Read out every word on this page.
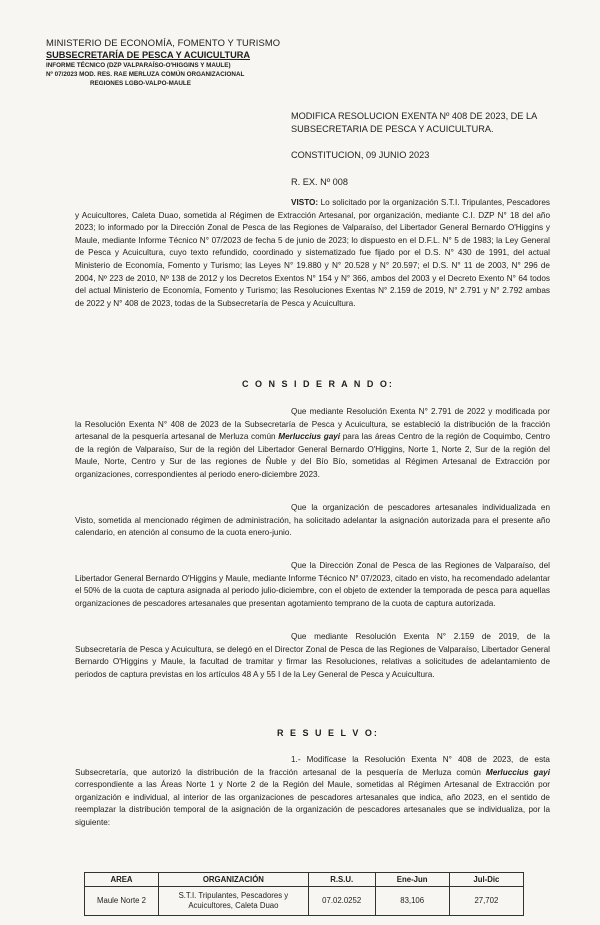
MINISTERIO DE ECONOMÍA, FOMENTO Y TURISMO
SUBSECRETARÍA DE PESCA Y ACUICULTURA
INFORME TÉCNICO (DZP VALPARAÍSO-O'HIGGINS Y MAULE)
Nº 07/2023 MOD. RES. RAE MERLUZA COMÚN ORGANIZACIONAL
REGIONES LGBO-VALPO-MAULE
MODIFICA RESOLUCION EXENTA Nº 408 DE 2023, DE LA SUBSECRETARIA DE PESCA Y ACUICULTURA.
CONSTITUCION, 09 JUNIO 2023
R. EX. Nº 008

VISTO: Lo solicitado por la organización S.T.I. Tripulantes, Pescadores y Acuicultores, Caleta Duao, sometida al Régimen de Extracción Artesanal, por organización, mediante C.I. DZP N° 18 del año 2023; lo informado por la Dirección Zonal de Pesca de las Regiones de Valparaíso, del Libertador General Bernardo O'Higgins y Maule, mediante Informe Técnico N° 07/2023 de fecha 5 de junio de 2023; lo dispuesto en el D.F.L. N° 5 de 1983; la Ley General de Pesca y Acuicultura, cuyo texto refundido, coordinado y sistematizado fue fijado por el D.S. N° 430 de 1991, del actual Ministerio de Economía, Fomento y Turismo; las Leyes N° 19.880 y N° 20.528 y N° 20.597; el D.S. N° 11 de 2003, N° 296 de 2004, Nº 223 de 2010, Nº 138 de 2012 y los Decretos Exentos N° 154 y N° 366, ambos del 2003 y el Decreto Exento N° 64 todos del actual Ministerio de Economía, Fomento y Turismo; las Resoluciones Exentas N° 2.159 de 2019, N° 2.791 y N° 2.792 ambas de 2022 y N° 408 de 2023, todas de la Subsecretaría de Pesca y Acuicultura.

C O N S I D E R A N D O:

Que mediante Resolución Exenta N° 2.791 de 2022 y modificada por la Resolución Exenta N° 408 de 2023 de la Subsecretaría de Pesca y Acuicultura, se estableció la distribución de la fracción artesanal de la pesquería artesanal de Merluza común Merluccius gayi para las áreas Centro de la región de Coquimbo, Centro de la región de Valparaíso, Sur de la región del Libertador General Bernardo O'Higgins, Norte 1, Norte 2, Sur de la región del Maule, Norte, Centro y Sur de las regiones de Ñuble y del Bío Bío, sometidas al Régimen Artesanal de Extracción por organizaciones, correspondientes al periodo enero-diciembre 2023.

Que la organización de pescadores artesanales individualizada en Visto, sometida al mencionado régimen de administración, ha solicitado adelantar la asignación autorizada para el presente año calendario, en atención al consumo de la cuota enero-junio.

Que la Dirección Zonal de Pesca de las Regiones de Valparaíso, del Libertador General Bernardo O'Higgins y Maule, mediante Informe Técnico N° 07/2023, citado en visto, ha recomendado adelantar el 50% de la cuota de captura asignada al periodo julio-diciembre, con el objeto de extender la temporada de pesca para aquellas organizaciones de pescadores artesanales que presentan agotamiento temprano de la cuota de captura autorizada.

Que mediante Resolución Exenta N° 2.159 de 2019, de la Subsecretaría de Pesca y Acuicultura, se delegó en el Director Zonal de Pesca de las Regiones de Valparaíso, Libertador General Bernardo O'Higgins y Maule, la facultad de tramitar y firmar las Resoluciones, relativas a solicitudes de adelantamiento de periodos de captura previstas en los artículos 48 A y 55 I de la Ley General de Pesca y Acuicultura.

R E S U E L V O:

1.- Modifícase la Resolución Exenta N° 408 de 2023, de esta Subsecretaría, que autorizó la distribución de la fracción artesanal de la pesquería de Merluza común Merluccius gayi correspondiente a las Áreas Norte 1 y Norte 2 de la Región del Maule, sometidas al Régimen Artesanal de Extracción por organización e individual, al interior de las organizaciones de pescadores artesanales que indica, año 2023, en el sentido de reemplazar la distribución temporal de la asignación de la organización de pescadores artesanales que se individualiza, por la siguiente:

AREA	ORGANIZACIÓN	R.S.U.	Ene-Jun	Jul-Dic
Maule Norte 2	S.T.I. Tripulantes, Pescadores y Acuicultores, Caleta Duao	07.02.0252	83,106	27,702
